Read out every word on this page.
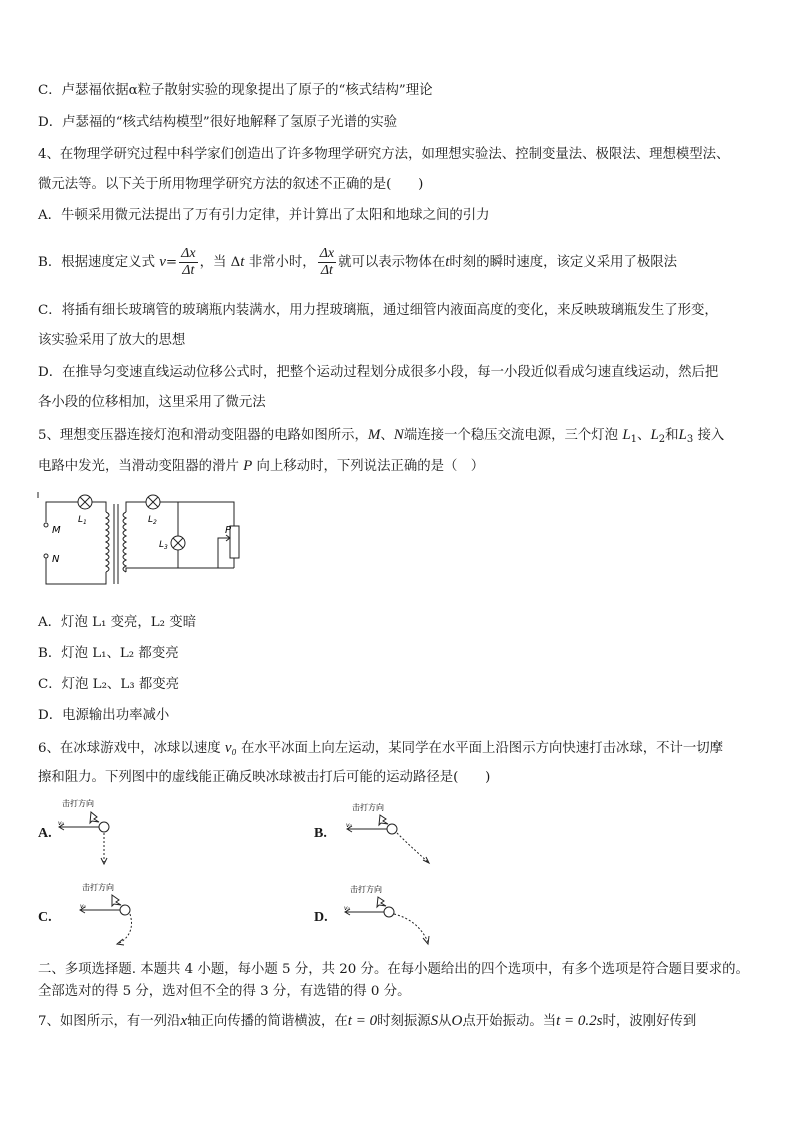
C．卢瑟福依据α粒子散射实验的现象提出了原子的“核式结构”理论
D．卢瑟福的“核式结构模型”很好地解释了氢原子光谱的实验
4、在物理学研究过程中科学家们创造出了许多物理学研究方法，如理想实验法、控制变量法、极限法、理想模型法、
微元法等。以下关于所用物理学研究方法的叙述不正确的是(　　)
A．牛顿采用微元法提出了万有引力定律，并计算出了太阳和地球之间的引力
B．根据速度定义式 $v= \frac{\Delta x}{\Delta t}$ ，当 Δt 非常小时， $\frac{\Delta x}{\Delta t}$ 就可以表示物体在t时刻的瞬时速度，该定义采用了极限法
C．将插有细长玻璃管的玻璃瓶内装满水，用力捏玻璃瓶，通过细管内液面高度的变化，来反映玻璃瓶发生了形变，
该实验采用了放大的思想
D．在推导匀变速直线运动位移公式时，把整个运动过程划分成很多小段，每一小段近似看成匀速直线运动，然后把
各小段的位移相加，这里采用了微元法
5、理想变压器连接灯泡和滑动变阻器的电路如图所示，M、N端连接一个稳压交流电源，三个灯泡 $L_1$、$L_2$和$L_3$ 接入
电路中发光，当滑动变阻器的滑片 P 向上移动时，下列说法正确的是（　）
M
N
$L_1$	$L_2$
$L_3$
P
A．灯泡 L₁ 变亮，L₂ 变暗
B．灯泡 L₁、L₂ 都变亮
C．灯泡 L₂、L₃ 都变亮
D．电源输出功率减小
6、在冰球游戏中，冰球以速度 v₀ 在水平冰面上向左运动，某同学在水平面上沿图示方向快速打击冰球，不计一切摩
擦和阻力。下列图中的虚线能正确反映冰球被击打后可能的运动路径是(　　)
A.
击打方向
v₀
B.
击打方向
v₀
C.
击打方向
v₀
D.
击打方向
v₀
二、多项选择题. 本题共 4 小题，每小题 5 分，共 20 分。在每小题给出的四个选项中，有多个选项是符合题目要求的。
全部选对的得 5 分，选对但不全的得 3 分，有选错的得 0 分。
7、如图所示，有一列沿x轴正向传播的简谐横波，在t = 0时刻振源S从O点开始振动。当t = 0.2s时，波刚好传到
